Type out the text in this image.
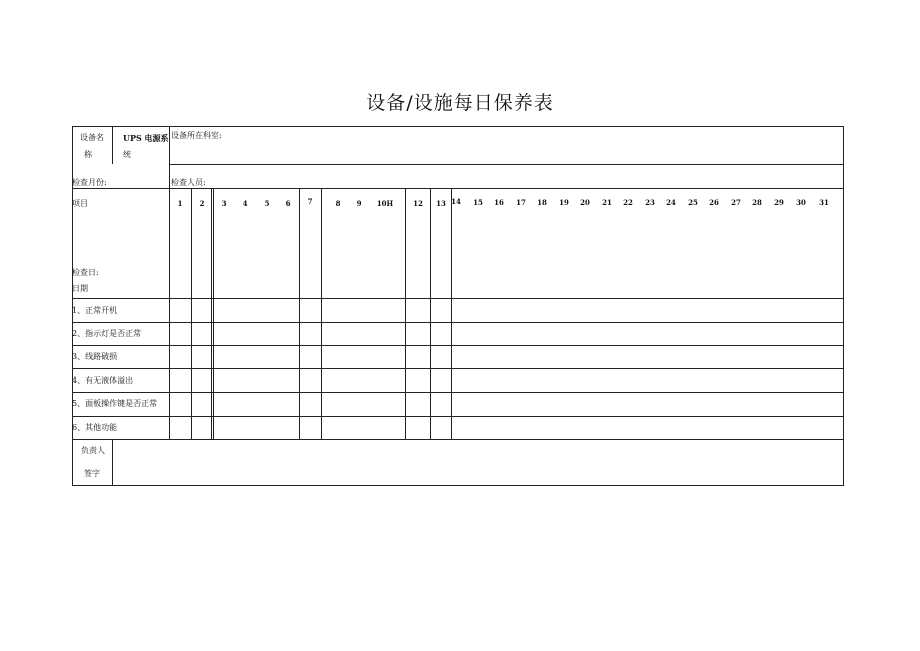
设备/设施每日保养表
设备名
称
UPS 电源系
统
设备所在科室:
检查月份:	检查人员:
项目
检查日:
日期
1	2	3	4	5	6	7	8	9	10H	12	13 14	15	16	17	18	19	20	21	22	23	24	25	26	27	28	29	30	31
1、正常开机
2、指示灯是否正常
3、线路破损
4、有无液体溢出
5、面板操作键是否正常
6、其他功能
负责人
签字
